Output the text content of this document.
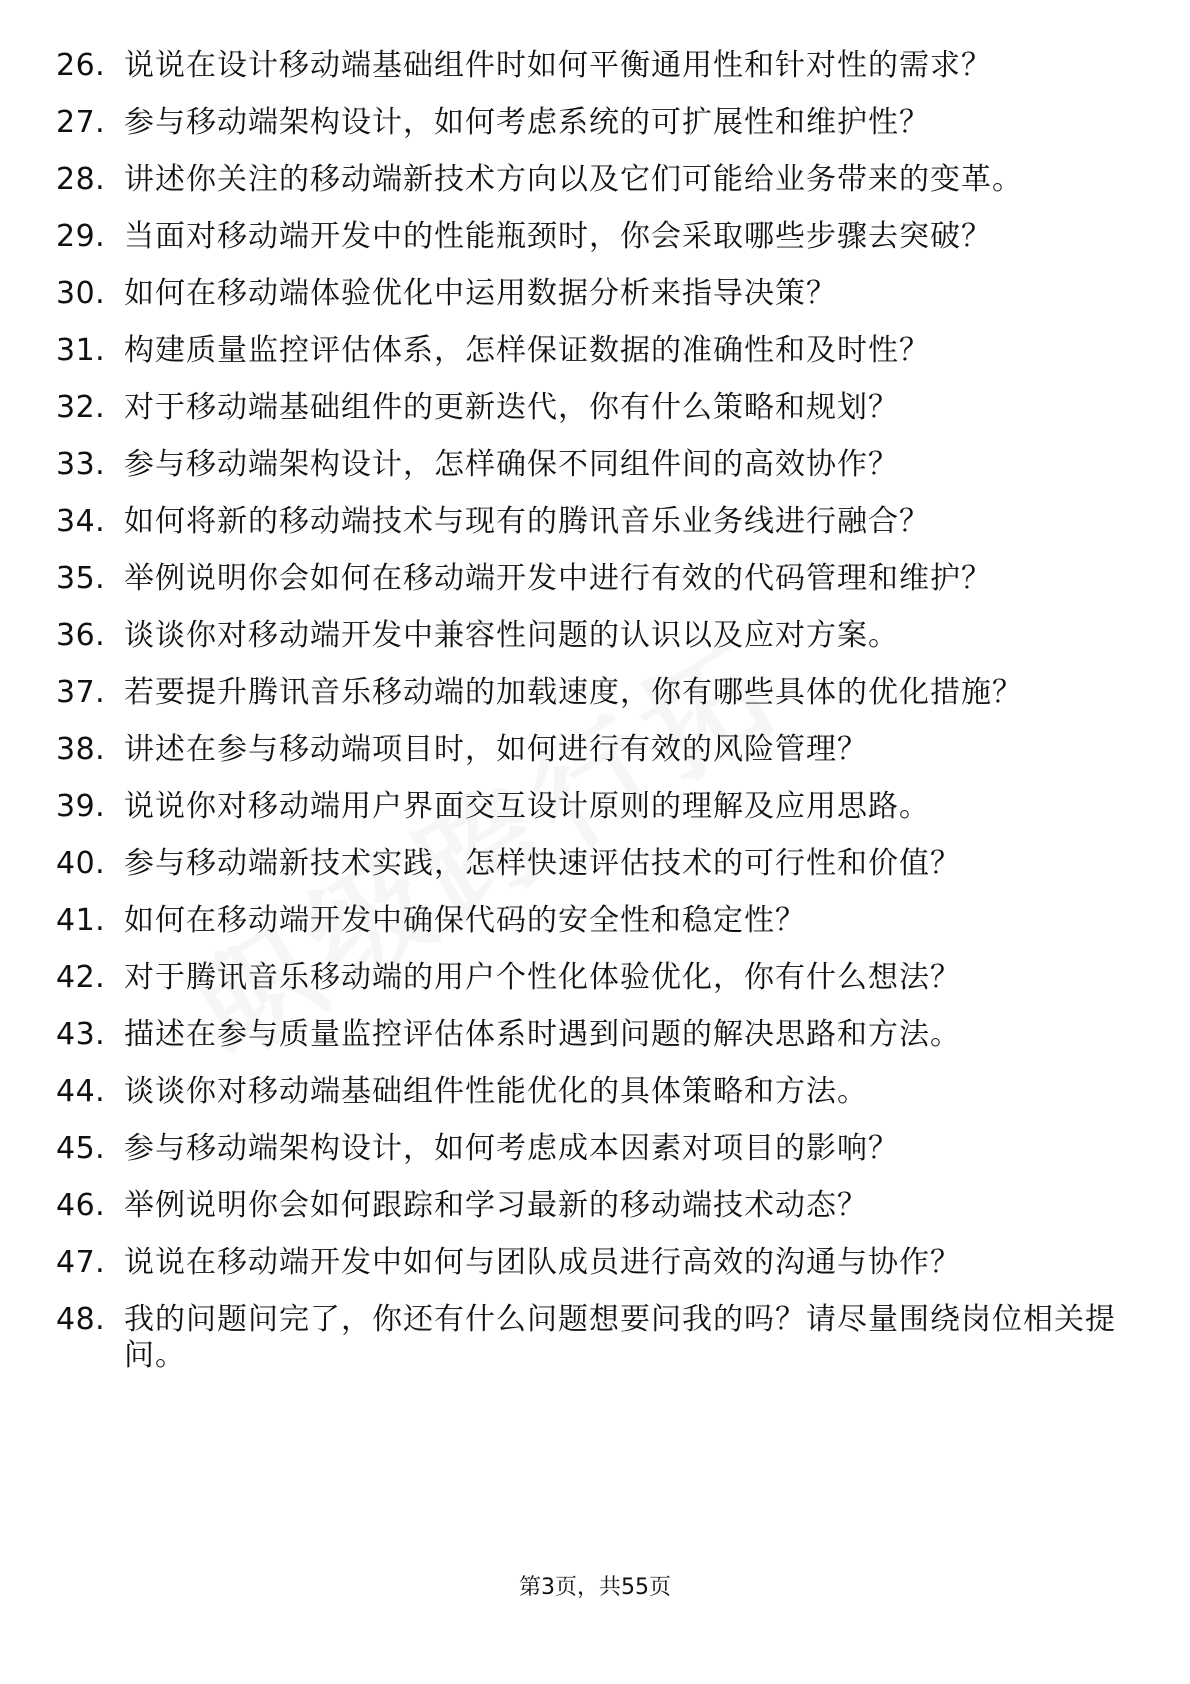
26. 说说在设计移动端基础组件时如何平衡通用性和针对性的需求？
27. 参与移动端架构设计，如何考虑系统的可扩展性和维护性？
28. 讲述你关注的移动端新技术方向以及它们可能给业务带来的变革。
29. 当面对移动端开发中的性能瓶颈时，你会采取哪些步骤去突破？
30. 如何在移动端体验优化中运用数据分析来指导决策？
31. 构建质量监控评估体系，怎样保证数据的准确性和及时性？
32. 对于移动端基础组件的更新迭代，你有什么策略和规划？
33. 参与移动端架构设计，怎样确保不同组件间的高效协作？
34. 如何将新的移动端技术与现有的腾讯音乐业务线进行融合？
35. 举例说明你会如何在移动端开发中进行有效的代码管理和维护？
36. 谈谈你对移动端开发中兼容性问题的认识以及应对方案。
37. 若要提升腾讯音乐移动端的加载速度，你有哪些具体的优化措施？
38. 讲述在参与移动端项目时，如何进行有效的风险管理？
39. 说说你对移动端用户界面交互设计原则的理解及应用思路。
40. 参与移动端新技术实践，怎样快速评估技术的可行性和价值？
41. 如何在移动端开发中确保代码的安全性和稳定性？
42. 对于腾讯音乐移动端的用户个性化体验优化，你有什么想法？
43. 描述在参与质量监控评估体系时遇到问题的解决思路和方法。
44. 谈谈你对移动端基础组件性能优化的具体策略和方法。
45. 参与移动端架构设计，如何考虑成本因素对项目的影响？
46. 举例说明你会如何跟踪和学习最新的移动端技术动态？
47. 说说在移动端开发中如何与团队成员进行高效的沟通与协作？
48. 我的问题问完了，你还有什么问题想要问我的吗？请尽量围绕岗位相关提问。
第3页，共55页
